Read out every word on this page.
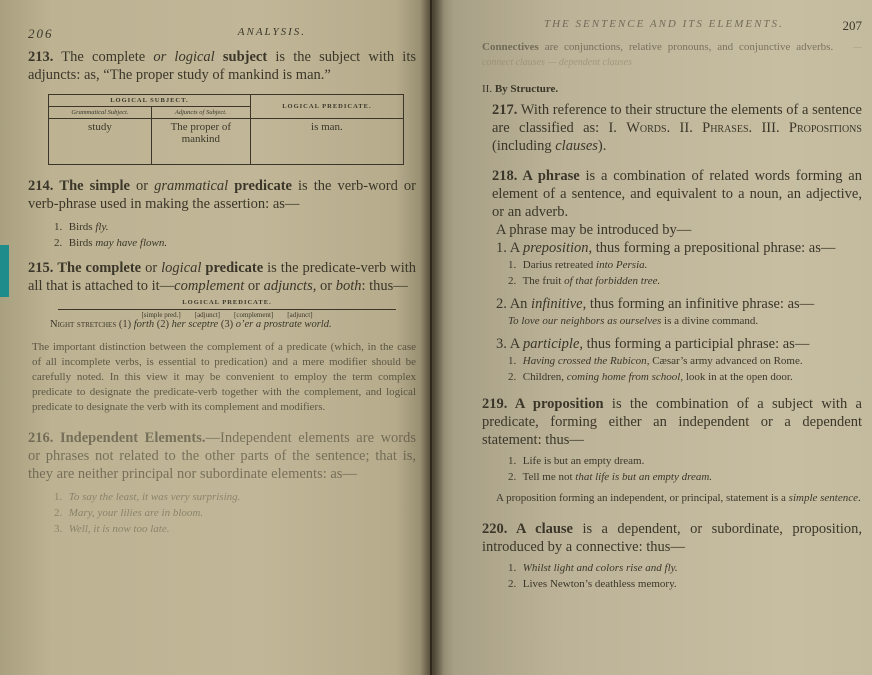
206	ANALYSIS.

213. The complete or logical subject is the subject with its adjuncts: as, “The proper study of mankind is man.”

LOGICAL SUBJECT.		LOGICAL PREDICATE.
Grammatical Subject.	Adjuncts of Subject.	
study	The proper of mankind	is man.

214. The simple or grammatical predicate is the verb-word or verb-phrase used in making the assertion: as—

1. Birds fly.
2. Birds may have flown.

215. The complete or logical predicate is the predicate-verb with all that is attached to it—complement or adjuncts, or both: thus—

LOGICAL PREDICATE.
[simple pred.] [adjunct] [complement] [adjunct]
Night stretches (1) forth (2) her sceptre (3) o’er a prostrate world.

The important distinction between the complement of a predicate (which, in the case of all incomplete verbs, is essential to predication) and a mere modifier should be carefully noted. In this view it may be convenient to employ the term complex predicate to designate the predicate-verb together with the complement, and logical predicate to designate the verb with its complement and modifiers.

216. Independent Elements.—Independent elements are words or phrases not related to the other parts of the sentence; that is, they are neither principal nor subordinate elements: as—

1. To say the least, it was very surprising.
2. Mary, your lilies are in bloom.
3. Well, it is now too late.
THE SENTENCE AND ITS ELEMENTS.	207

Connectives are conjunctions, relative pronouns, and conjunctive adverbs. — connect clauses — dependent clauses

II. By Structure.

217. With reference to their structure the elements of a sentence are classified as: I. Words. II. Phrases. III. Propositions (including clauses).

218. A phrase is a combination of related words forming an element of a sentence, and equivalent to a noun, an adjective, or an adverb.

A phrase may be introduced by—

1. A preposition, thus forming a prepositional phrase: as—

1. Darius retreated into Persia.
2. The fruit of that forbidden tree.

2. An infinitive, thus forming an infinitive phrase: as—

To love our neighbors as ourselves is a divine command.

3. A participle, thus forming a participial phrase: as—

1. Having crossed the Rubicon, Cæsar’s army advanced on Rome.
2. Children, coming home from school, look in at the open door.

219. A proposition is the combination of a subject with a predicate, forming either an independent or a dependent statement: thus—

1. Life is but an empty dream.
2. Tell me not that life is but an empty dream.

A proposition forming an independent, or principal, statement is a simple sentence.

220. A clause is a dependent, or subordinate, proposition, introduced by a connective: thus—

1. Whilst light and colors rise and fly.
2. Lives Newton’s deathless memory.
